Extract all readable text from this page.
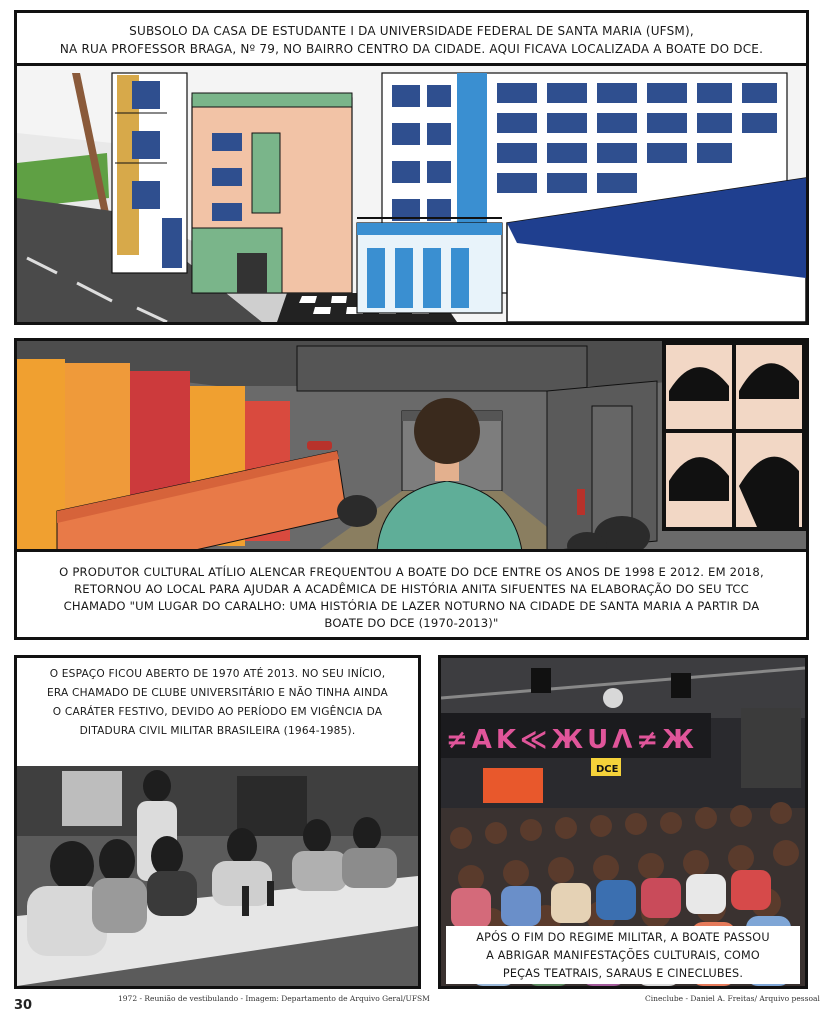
SUBSOLO DA CASA DE ESTUDANTE I DA UNIVERSIDADE FEDERAL DE SANTA MARIA (UFSM),
NA RUA PROFESSOR BRAGA, Nº 79, NO BAIRRO CENTRO DA CIDADE. AQUI FICAVA LOCALIZADA A BOATE DO DCE.
O PRODUTOR CULTURAL ATÍLIO ALENCAR FREQUENTOU A BOATE DO DCE ENTRE OS ANOS DE 1998 E 2012. EM 2018,
RETORNOU AO LOCAL PARA AJUDAR A ACADÊMICA DE HISTÓRIA ANITA SIFUENTES NA ELABORAÇÃO DO SEU TCC
CHAMADO "UM LUGAR DO CARALHO: UMA HISTÓRIA DE LAZER NOTURNO NA CIDADE DE SANTA MARIA A PARTIR DA
BOATE DO DCE (1970-2013)"
O ESPAÇO FICOU ABERTO DE 1970 ATÉ 2013. NO SEU INÍCIO,
ERA CHAMADO DE CLUBE UNIVERSITÁRIO E NÃO TINHA AINDA
O CARÁTER FESTIVO, DEVIDO AO PERÍODO EM VIGÊNCIA DA
DITADURA CIVIL MILITAR BRASILEIRA (1964-1985).
1972 - Reunião de vestibulando - Imagem: Departamento de Arquivo Geral/UFSM
≠AK≪ЖUΛ≠Ж
DCE
APÓS O FIM DO REGIME MILITAR, A BOATE PASSOU
A ABRIGAR MANIFESTAÇÕES CULTURAIS, COMO
PEÇAS TEATRAIS, SARAUS E CINECLUBES.
Cineclube - Daniel A. Freitas/ Arquivo pessoal
30
